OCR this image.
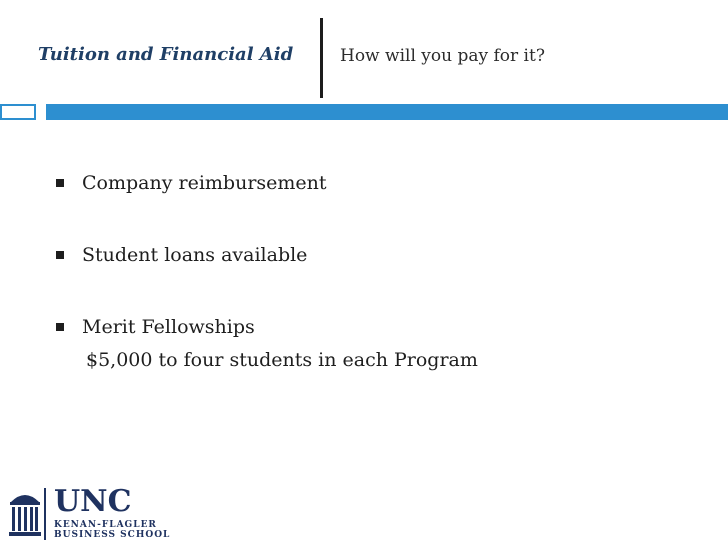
Tuition and Financial Aid	How will you pay for it?
Company reimbursement
Student loans available
Merit Fellowships
$5,000 to four students in each Program
UNC
KENAN-FLAGLER
BUSINESS SCHOOL
